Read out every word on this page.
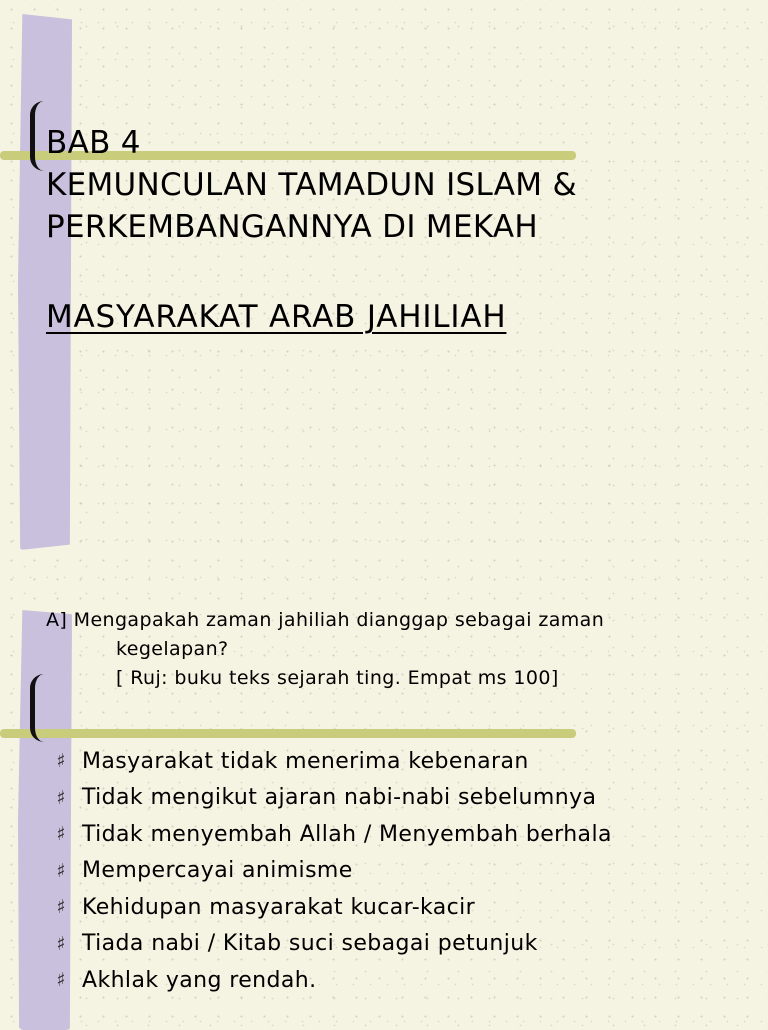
BAB 4
KEMUNCULAN TAMADUN ISLAM &
PERKEMBANGANNYA DI MEKAH
MASYARAKAT ARAB JAHILIAH
A] Mengapakah zaman jahiliah dianggap sebagai zaman
kegelapan?
[ Ruj: buku teks sejarah ting. Empat ms 100]
♯ Masyarakat tidak menerima kebenaran
♯ Tidak mengikut ajaran nabi-nabi sebelumnya
♯ Tidak menyembah Allah / Menyembah berhala
♯ Mempercayai animisme
♯ Kehidupan masyarakat kucar-kacir
♯ Tiada nabi / Kitab suci sebagai petunjuk
♯ Akhlak yang rendah.
